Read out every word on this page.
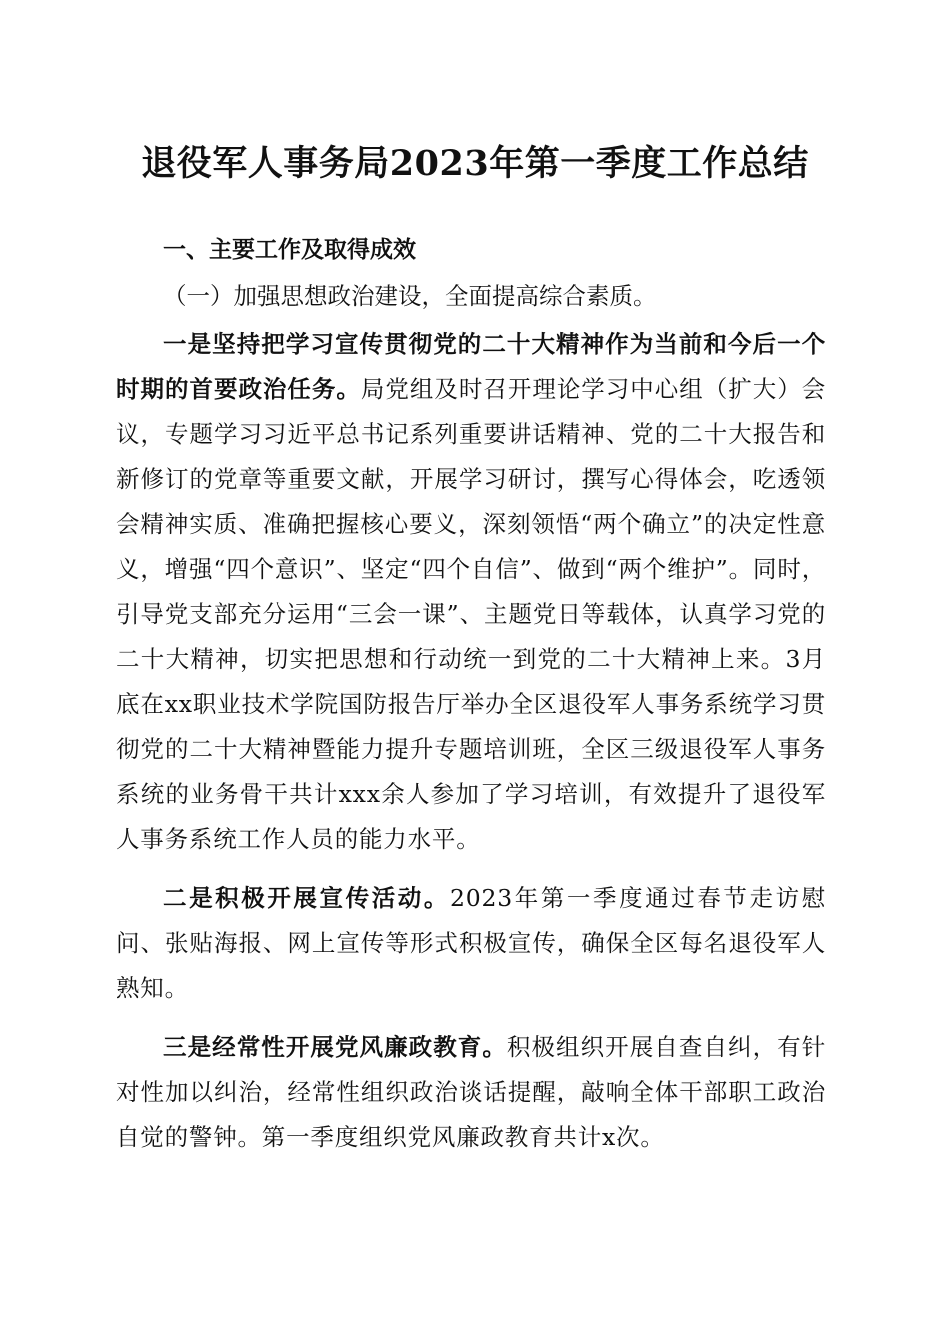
退役军人事务局2023年第一季度工作总结

一、主要工作及取得成效

（一）加强思想政治建设，全面提高综合素质。

一是坚持把学习宣传贯彻党的二十大精神作为当前和今后一个时期的首要政治任务。局党组及时召开理论学习中心组（扩大）会议，专题学习习近平总书记系列重要讲话精神、党的二十大报告和新修订的党章等重要文献，开展学习研讨，撰写心得体会，吃透领会精神实质、准确把握核心要义，深刻领悟“两个确立”的决定性意义，增强“四个意识”、坚定“四个自信”、做到“两个维护”。同时，引导党支部充分运用“三会一课”、主题党日等载体，认真学习党的二十大精神，切实把思想和行动统一到党的二十大精神上来。3月底在xx职业技术学院国防报告厅举办全区退役军人事务系统学习贯彻党的二十大精神暨能力提升专题培训班，全区三级退役军人事务系统的业务骨干共计xxx余人参加了学习培训，有效提升了退役军人事务系统工作人员的能力水平。

二是积极开展宣传活动。2023年第一季度通过春节走访慰问、张贴海报、网上宣传等形式积极宣传，确保全区每名退役军人熟知。

三是经常性开展党风廉政教育。积极组织开展自查自纠，有针对性加以纠治，经常性组织政治谈话提醒，敲响全体干部职工政治自觉的警钟。第一季度组织党风廉政教育共计x次。
